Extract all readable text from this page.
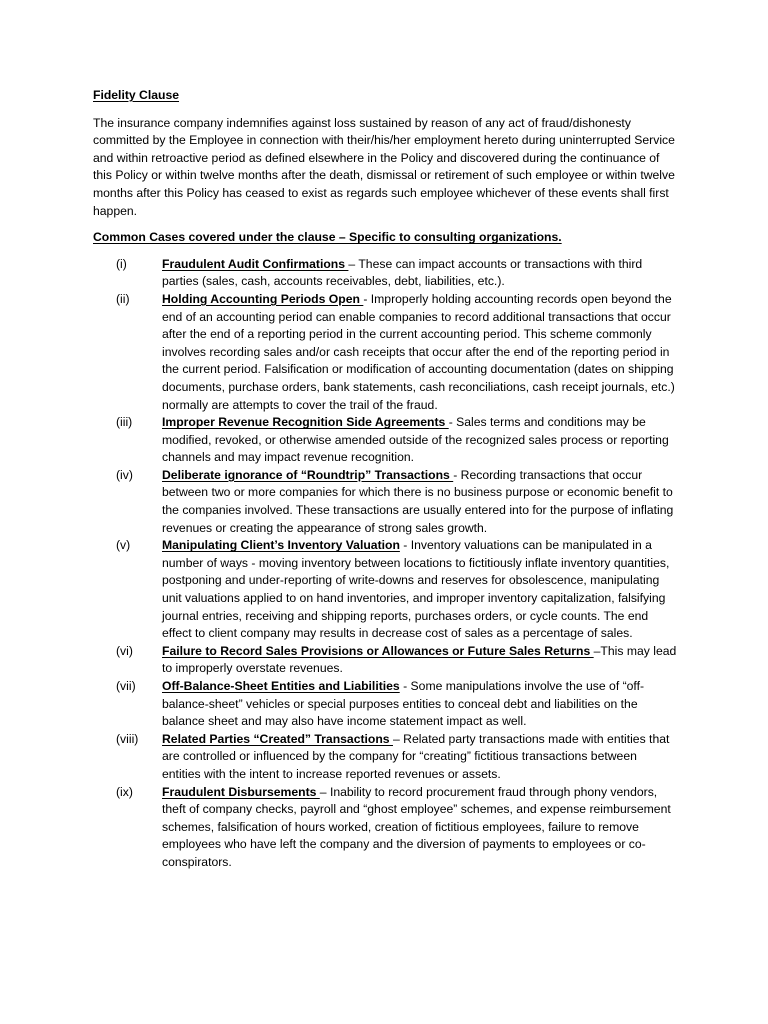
Fidelity Clause

The insurance company indemnifies against loss sustained by reason of any act of fraud/dishonesty committed by the Employee in connection with their/his/her employment hereto during uninterrupted Service and within retroactive period as defined elsewhere in the Policy and discovered during the continuance of this Policy or within twelve months after the death, dismissal or retirement of such employee or within twelve months after this Policy has ceased to exist as regards such employee whichever of these events shall first happen.

Common Cases covered under the clause – Specific to consulting organizations.

(i)	Fraudulent Audit Confirmations – These can impact accounts or transactions with third parties (sales, cash, accounts receivables, debt, liabilities, etc.).
(ii)	Holding Accounting Periods Open - Improperly holding accounting records open beyond the end of an accounting period can enable companies to record additional transactions that occur after the end of a reporting period in the current accounting period. This scheme commonly involves recording sales and/or cash receipts that occur after the end of the reporting period in the current period. Falsification or modification of accounting documentation (dates on shipping documents, purchase orders, bank statements, cash reconciliations, cash receipt journals, etc.) normally are attempts to cover the trail of the fraud.
(iii)	Improper Revenue Recognition Side Agreements - Sales terms and conditions may be modified, revoked, or otherwise amended outside of the recognized sales process or reporting channels and may impact revenue recognition.
(iv)	Deliberate ignorance of “Roundtrip” Transactions - Recording transactions that occur between two or more companies for which there is no business purpose or economic benefit to the companies involved. These transactions are usually entered into for the purpose of inflating revenues or creating the appearance of strong sales growth.
(v)	Manipulating Client’s Inventory Valuation - Inventory valuations can be manipulated in a number of ways - moving inventory between locations to fictitiously inflate inventory quantities, postponing and under-reporting of write-downs and reserves for obsolescence, manipulating unit valuations applied to on hand inventories, and improper inventory capitalization, falsifying journal entries, receiving and shipping reports, purchases orders, or cycle counts. The end effect to client company may results in decrease cost of sales as a percentage of sales.
(vi)	Failure to Record Sales Provisions or Allowances or Future Sales Returns –This may lead to improperly overstate revenues.
(vii)	Off-Balance-Sheet Entities and Liabilities - Some manipulations involve the use of “off-balance-sheet” vehicles or special purposes entities to conceal debt and liabilities on the balance sheet and may also have income statement impact as well.
(viii)	Related Parties “Created” Transactions – Related party transactions made with entities that are controlled or influenced by the company for “creating” fictitious transactions between entities with the intent to increase reported revenues or assets.
(ix)	Fraudulent Disbursements – Inability to record procurement fraud through phony vendors, theft of company checks, payroll and “ghost employee” schemes, and expense reimbursement schemes, falsification of hours worked, creation of fictitious employees, failure to remove employees who have left the company and the diversion of payments to employees or co-conspirators.
